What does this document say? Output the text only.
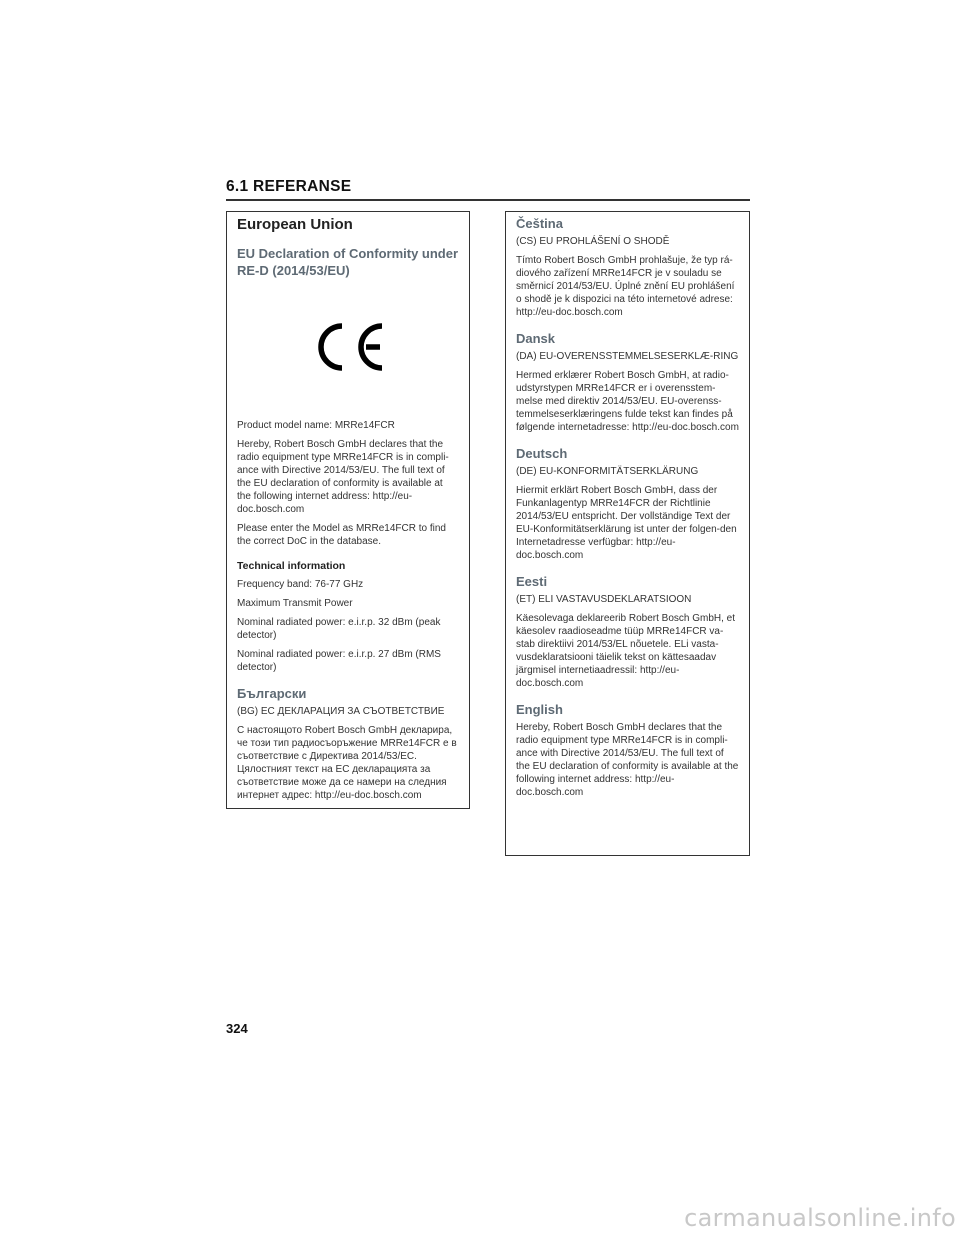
6.1 REFERANSE
European Union
EU Declaration of Conformity under RE-D (2014/53/EU)

Product model name: MRRe14FCR

Hereby, Robert Bosch GmbH declares that the radio equipment type MRRe14FCR is in compli-ance with Directive 2014/53/EU. The full text of the EU declaration of conformity is available at the following internet address: http://eu-doc.bosch.com

Please enter the Model as MRRe14FCR to find the correct DoC in the database.

Technical information

Frequency band: 76-77 GHz

Maximum Transmit Power

Nominal radiated power: e.i.r.p. 32 dBm (peak detector)

Nominal radiated power: e.i.r.p. 27 dBm (RMS detector)

Български

(BG) ЕС ДЕКЛАРАЦИЯ ЗА СЪОТВЕТСТВИЕ

С настоящото Robert Bosch GmbH декларира, че този тип радиосъоръжение MRRe14FCR е в съответствие с Директива 2014/53/ЕС. Цялостният текст на ЕС декларацията за съответствие може да се намери на следния интернет адрес: http://eu-doc.bosch.com

Čeština

(CS) EU PROHLÁŠENÍ O SHODĚ

Tímto Robert Bosch GmbH prohlašuje, že typ rá-diového zařízení MRRe14FCR je v souladu se směrnicí 2014/53/EU. Úplné znění EU prohlášení o shodě je k dispozici na této internetové adrese: http://eu-doc.bosch.com

Dansk

(DA) EU-OVERENSSTEMMELSESERKLÆ-RING

Hermed erklærer Robert Bosch GmbH, at radio-udstyrstypen MRRe14FCR er i overensstem-melse med direktiv 2014/53/EU. EU-overenss-temmelseserklæringens fulde tekst kan findes på følgende internetadresse: http://eu-doc.bosch.com

Deutsch

(DE) EU-KONFORMITÄTSERKLÄRUNG

Hiermit erklärt Robert Bosch GmbH, dass der Funkanlagentyp MRRe14FCR der Richtlinie 2014/53/EU entspricht. Der vollständige Text der EU-Konformitätserklärung ist unter der folgen-den Internetadresse verfügbar: http://eu-doc.bosch.com

Eesti

(ET) ELI VASTAVUSDEKLARATSIOON

Käesolevaga deklareerib Robert Bosch GmbH, et käesolev raadioseadme tüüp MRRe14FCR va-stab direktiivi 2014/53/EL nõuetele. ELi vasta-vusdeklaratsiooni täielik tekst on kättesaadav järgmisel internetiaadressil: http://eu-doc.bosch.com

English

Hereby, Robert Bosch GmbH declares that the radio equipment type MRRe14FCR is in compli-ance with Directive 2014/53/EU. The full text of the EU declaration of conformity is available at the following internet address: http://eu-doc.bosch.com

324
carmanualsonline.info
